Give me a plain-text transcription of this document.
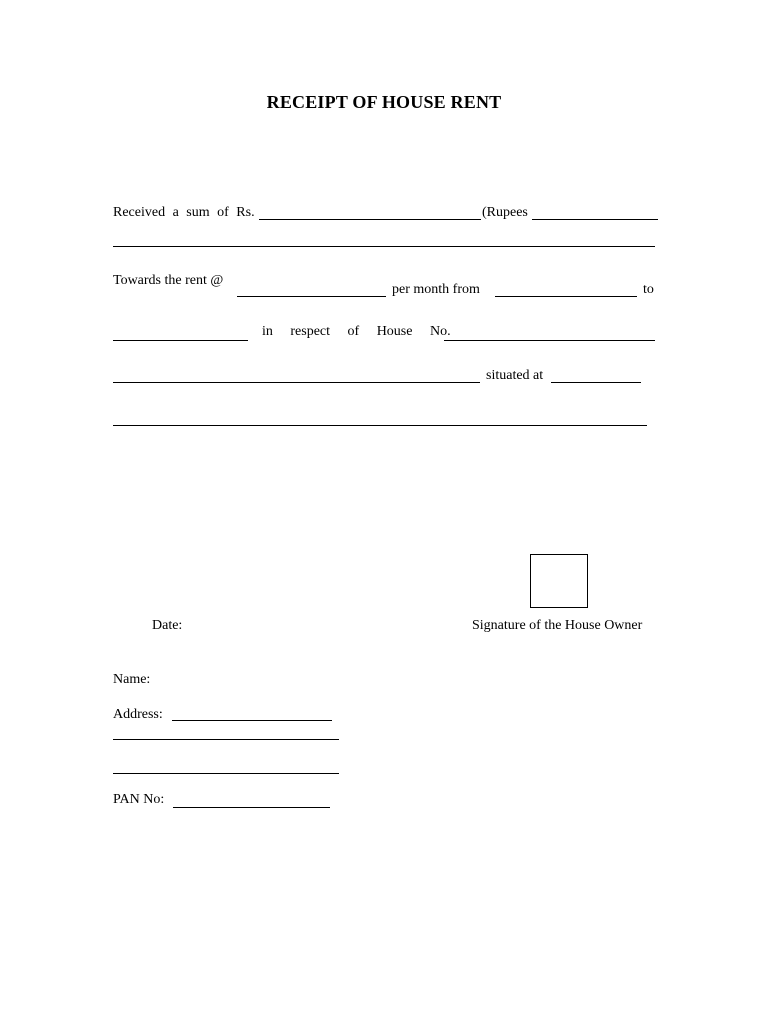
RECEIPT OF HOUSE RENT
Received a sum of Rs.	(Rupees
Towards the rent @
per month from	to
in respect of House No.
situated at
Date:	Signature of the House Owner
Name:
Address:
PAN No:
